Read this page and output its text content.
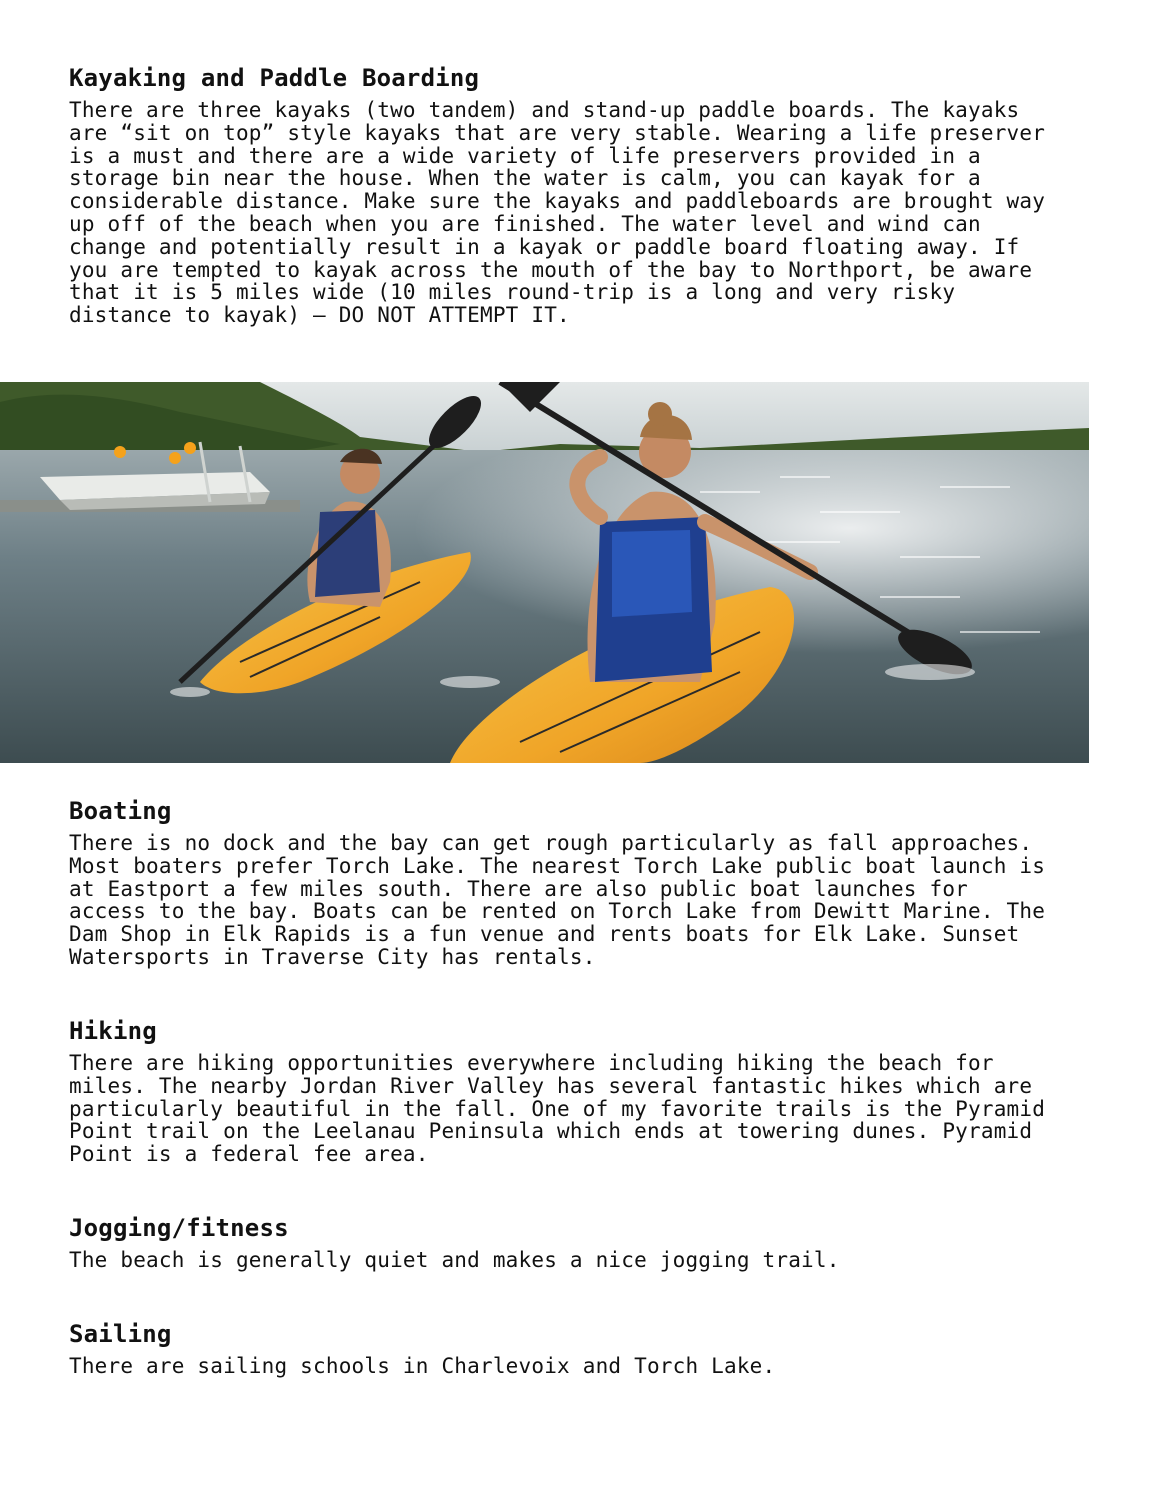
Kayaking and Paddle Boarding

There are three kayaks (two tandem) and stand-up paddle boards. The kayaks
are “sit on top” style kayaks that are very stable. Wearing a life preserver
is a must and there are a wide variety of life preservers provided in a
storage bin near the house. When the water is calm, you can kayak for a
considerable distance. Make sure the kayaks and paddleboards are brought way
up off of the beach when you are finished. The water level and wind can
change and potentially result in a kayak or paddle board floating away. If
you are tempted to kayak across the mouth of the bay to Northport, be aware
that it is 5 miles wide (10 miles round-trip is a long and very risky
distance to kayak) – DO NOT ATTEMPT IT.

Boating

There is no dock and the bay can get rough particularly as fall approaches.
Most boaters prefer Torch Lake. The nearest Torch Lake public boat launch is
at Eastport a few miles south. There are also public boat launches for
access to the bay. Boats can be rented on Torch Lake from Dewitt Marine. The
Dam Shop in Elk Rapids is a fun venue and rents boats for Elk Lake. Sunset
Watersports in Traverse City has rentals.

Hiking

There are hiking opportunities everywhere including hiking the beach for
miles. The nearby Jordan River Valley has several fantastic hikes which are
particularly beautiful in the fall. One of my favorite trails is the Pyramid
Point trail on the Leelanau Peninsula which ends at towering dunes. Pyramid
Point is a federal fee area.

Jogging/fitness

The beach is generally quiet and makes a nice jogging trail.

Sailing

There are sailing schools in Charlevoix and Torch Lake.
